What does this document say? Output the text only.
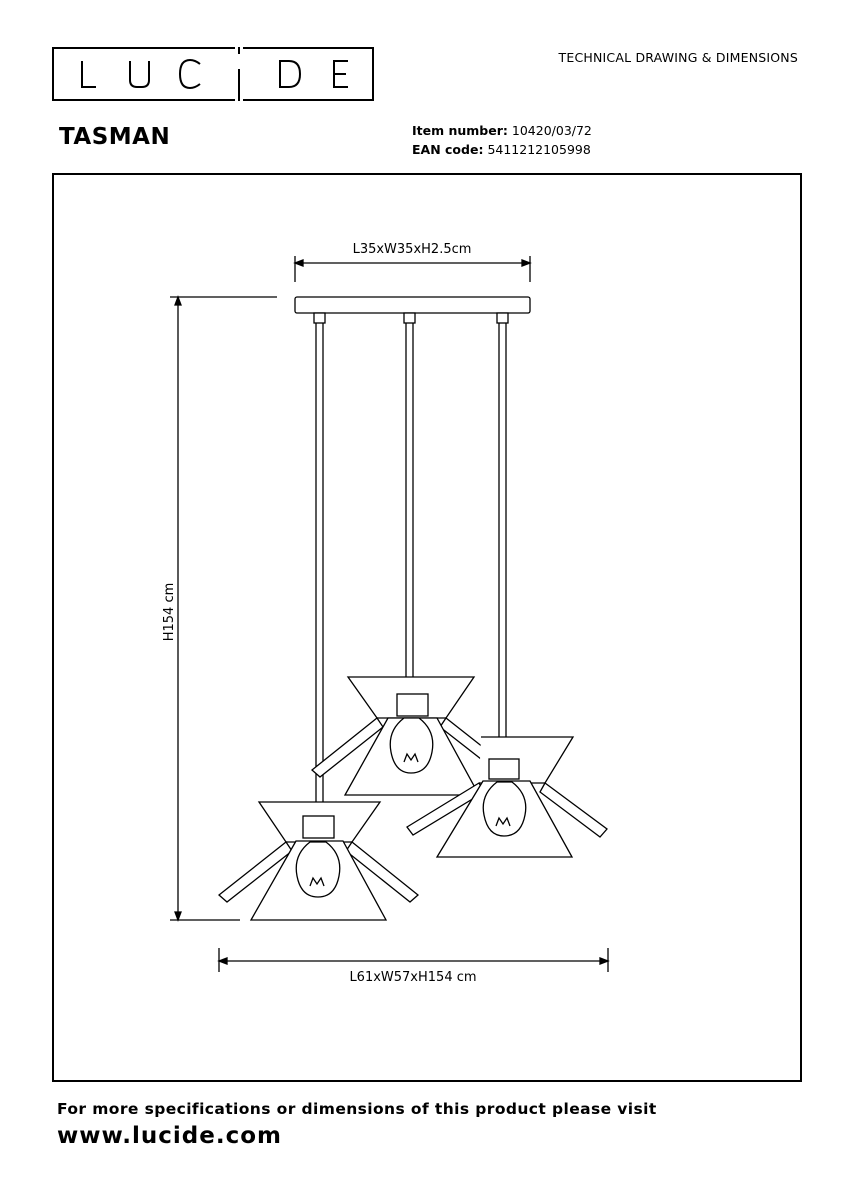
TECHNICAL DRAWING & DIMENSIONS
TASMAN	Item number: 10420/03/72
EAN code: 5411212105998
L35xW35xH2.5cm
H154 cm
L61xW57xH154 cm
For more specifications or dimensions of this product please visit
www.lucide.com
